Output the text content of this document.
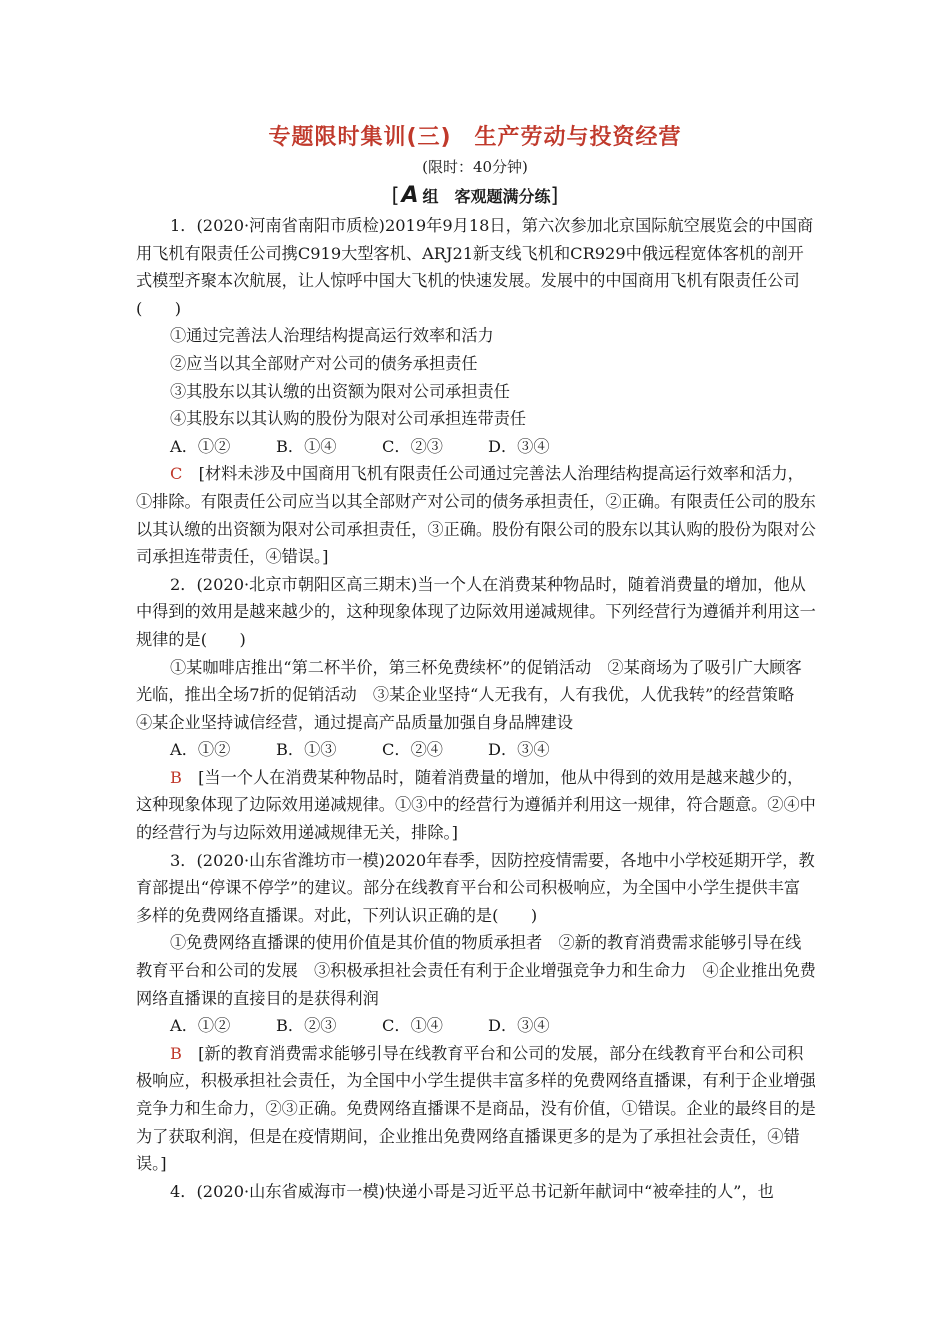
专题限时集训(三)　生产劳动与投资经营
(限时：40分钟)
[A 组　客观题满分练]

1．(2020·河南省南阳市质检)2019年9月18日，第六次参加北京国际航空展览会的中国商用飞机有限责任公司携C919大型客机、ARJ21新支线飞机和CR929中俄远程宽体客机的剖开式模型齐聚本次航展，让人惊呼中国大飞机的快速发展。发展中的中国商用飞机有限责任公司(　　)

①通过完善法人治理结构提高运行效率和活力

②应当以其全部财产对公司的债务承担责任

③其股东以其认缴的出资额为限对公司承担责任

④其股东以其认购的股份为限对公司承担连带责任

A．①②	B．①④	C．②③	D．③④

C　[材料未涉及中国商用飞机有限责任公司通过完善法人治理结构提高运行效率和活力，①排除。有限责任公司应当以其全部财产对公司的债务承担责任，②正确。有限责任公司的股东以其认缴的出资额为限对公司承担责任，③正确。股份有限公司的股东以其认购的股份为限对公司承担连带责任，④错误。]

2．(2020·北京市朝阳区高三期末)当一个人在消费某种物品时，随着消费量的增加，他从中得到的效用是越来越少的，这种现象体现了边际效用递减规律。下列经营行为遵循并利用这一规律的是(　　)

①某咖啡店推出“第二杯半价，第三杯免费续杯”的促销活动　②某商场为了吸引广大顾客光临，推出全场7折的促销活动　③某企业坚持“人无我有，人有我优，人优我转”的经营策略　④某企业坚持诚信经营，通过提高产品质量加强自身品牌建设

A．①②	B．①③	C．②④	D．③④

B　[当一个人在消费某种物品时，随着消费量的增加，他从中得到的效用是越来越少的，这种现象体现了边际效用递减规律。①③中的经营行为遵循并利用这一规律，符合题意。②④中的经营行为与边际效用递减规律无关，排除。]

3．(2020·山东省潍坊市一模)2020年春季，因防控疫情需要，各地中小学校延期开学，教育部提出“停课不停学”的建议。部分在线教育平台和公司积极响应，为全国中小学生提供丰富多样的免费网络直播课。对此，下列认识正确的是(　　)

①免费网络直播课的使用价值是其价值的物质承担者　②新的教育消费需求能够引导在线教育平台和公司的发展　③积极承担社会责任有利于企业增强竞争力和生命力　④企业推出免费网络直播课的直接目的是获得利润

A．①②	B．②③	C．①④	D．③④

B　[新的教育消费需求能够引导在线教育平台和公司的发展，部分在线教育平台和公司积极响应，积极承担社会责任，为全国中小学生提供丰富多样的免费网络直播课，有利于企业增强竞争力和生命力，②③正确。免费网络直播课不是商品，没有价值，①错误。企业的最终目的是为了获取利润，但是在疫情期间，企业推出免费网络直播课更多的是为了承担社会责任，④错误。]

4．(2020·山东省威海市一模)快递小哥是习近平总书记新年献词中“被牵挂的人”，也
